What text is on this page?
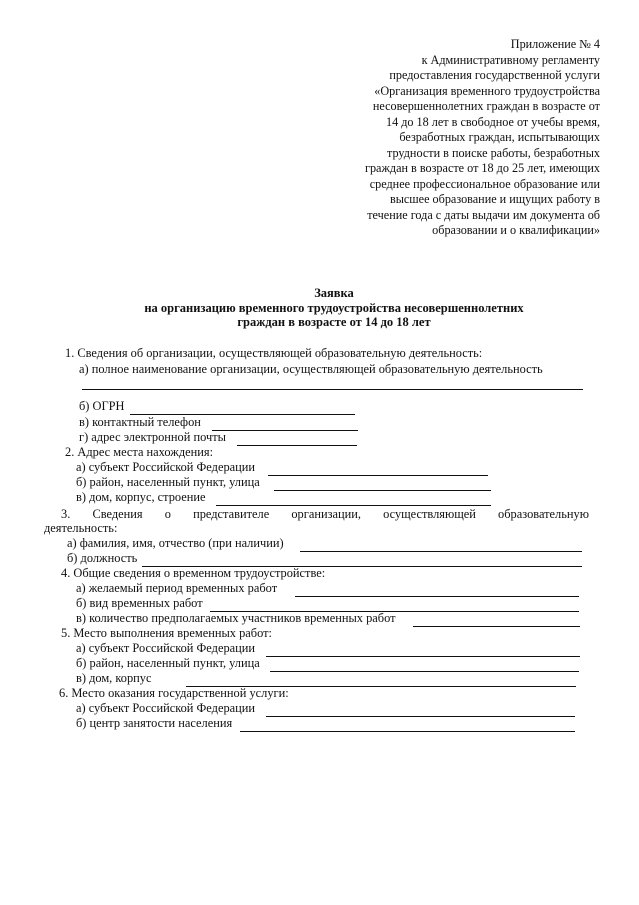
Приложение № 4
к Административному регламенту
предоставления государственной услуги
«Организация временного трудоустройства
несовершеннолетних граждан в возрасте от
14 до 18 лет в свободное от учебы время,
безработных граждан, испытывающих
трудности в поиске работы, безработных
граждан в возрасте от 18 до 25 лет, имеющих
среднее профессиональное образование или
высшее образование и ищущих работу в
течение года с даты выдачи им документа об
образовании и о квалификации»
Заявка
на организацию временного трудоустройства несовершеннолетних
граждан в возрасте от 14 до 18 лет
1. Сведения об организации, осуществляющей образовательную деятельность:
а) полное наименование организации, осуществляющей образовательную деятельность
б) ОГРН
в) контактный телефон
г) адрес электронной почты
2. Адрес места нахождения:
а) субъект Российской Федерации
б) район, населенный пункт, улица
в) дом, корпус, строение
3. Сведения о представителе организации, осуществляющей образовательную
деятельность:
а) фамилия, имя, отчество (при наличии)
б) должность
4. Общие сведения о временном трудоустройстве:
а) желаемый период временных работ
б) вид временных работ
в) количество предполагаемых участников временных работ
5. Место выполнения временных работ:
а) субъект Российской Федерации
б) район, населенный пункт, улица
в) дом, корпус
6. Место оказания государственной услуги:
а) субъект Российской Федерации
б) центр занятости населения
